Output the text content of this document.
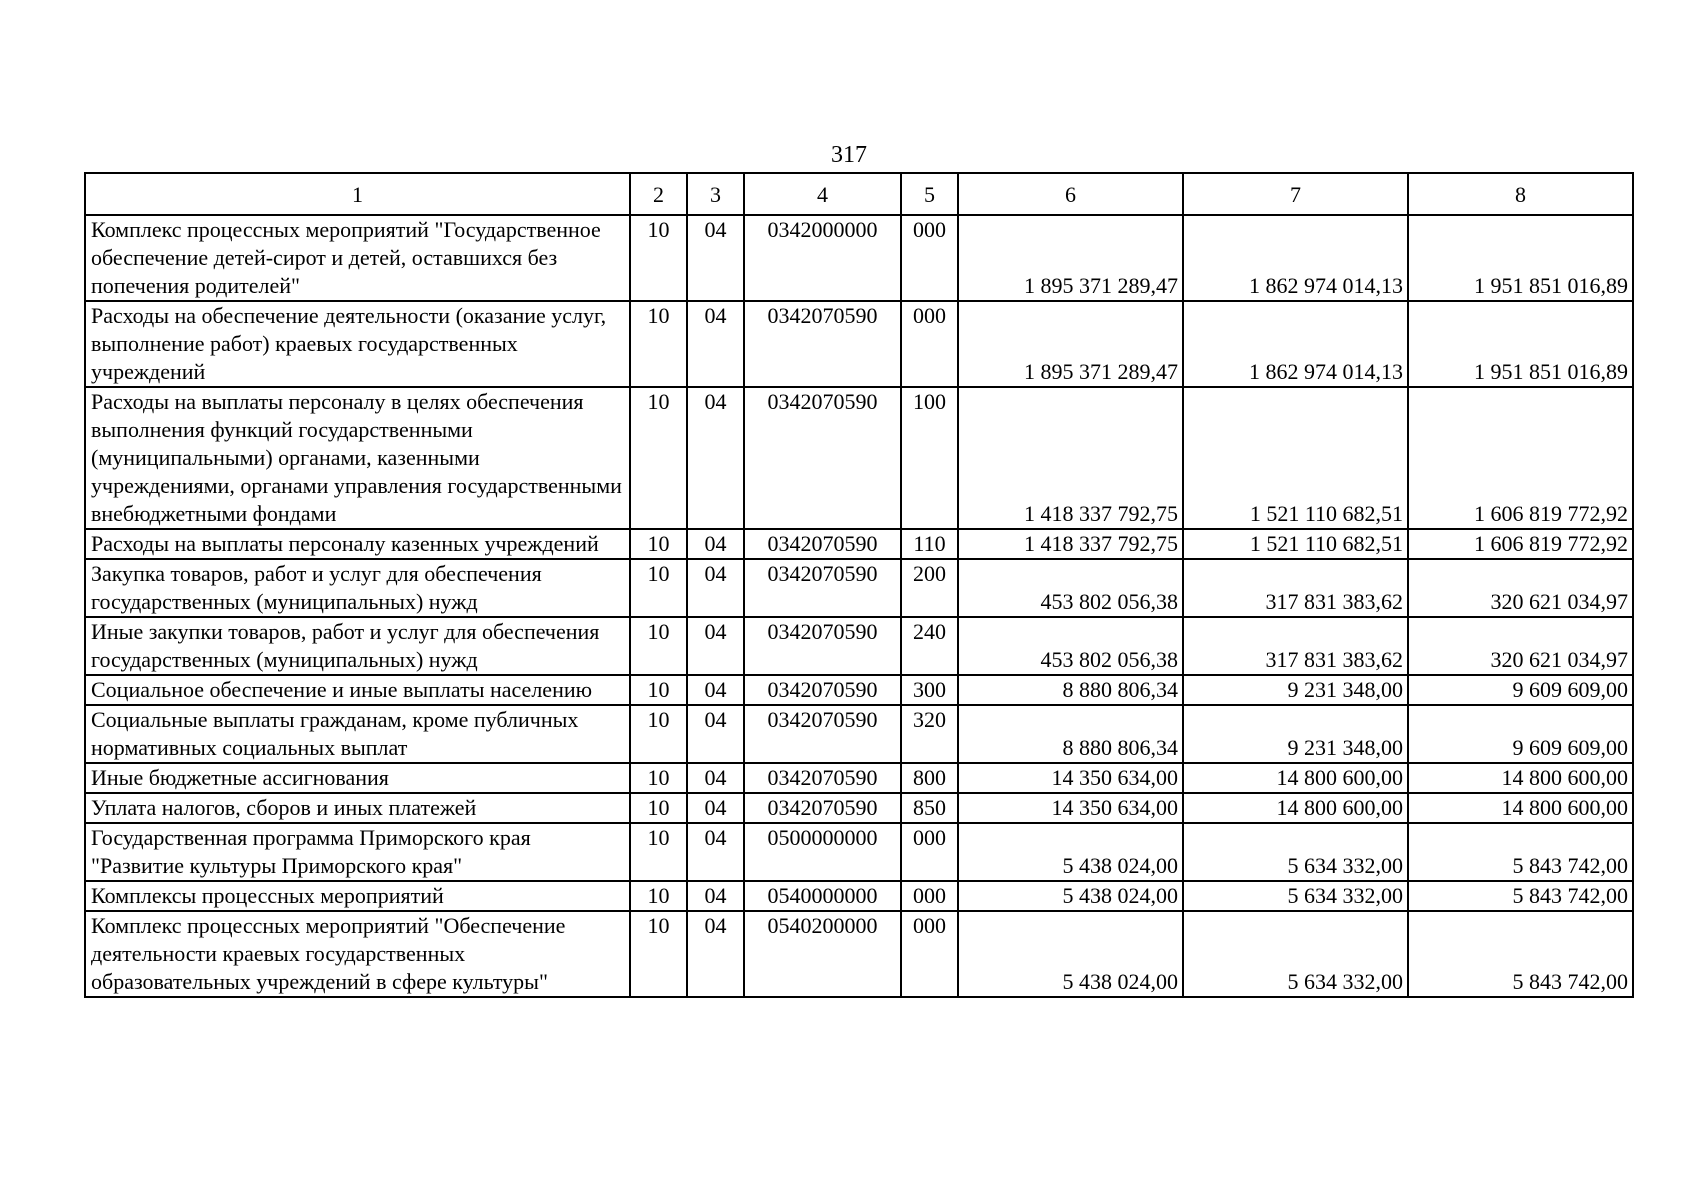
317
1	2	3	4	5	6	7	8
Комплекс процессных мероприятий "Государственное обеспечение детей-сирот и детей, оставшихся без попечения родителей"	10	04	0342000000	000	1 895 371 289,47	1 862 974 014,13	1 951 851 016,89
Расходы на обеспечение деятельности (оказание услуг, выполнение работ) краевых государственных учреждений	10	04	0342070590	000	1 895 371 289,47	1 862 974 014,13	1 951 851 016,89
Расходы на выплаты персоналу в целях обеспечения выполнения функций государственными (муниципальными) органами, казенными учреждениями, органами управления государственными внебюджетными фондами	10	04	0342070590	100	1 418 337 792,75	1 521 110 682,51	1 606 819 772,92
Расходы на выплаты персоналу казенных учреждений	10	04	0342070590	110	1 418 337 792,75	1 521 110 682,51	1 606 819 772,92
Закупка товаров, работ и услуг для обеспечения государственных (муниципальных) нужд	10	04	0342070590	200	453 802 056,38	317 831 383,62	320 621 034,97
Иные закупки товаров, работ и услуг для обеспечения государственных (муниципальных) нужд	10	04	0342070590	240	453 802 056,38	317 831 383,62	320 621 034,97
Социальное обеспечение и иные выплаты населению	10	04	0342070590	300	8 880 806,34	9 231 348,00	9 609 609,00
Социальные выплаты гражданам, кроме публичных нормативных социальных выплат	10	04	0342070590	320	8 880 806,34	9 231 348,00	9 609 609,00
Иные бюджетные ассигнования	10	04	0342070590	800	14 350 634,00	14 800 600,00	14 800 600,00
Уплата налогов, сборов и иных платежей	10	04	0342070590	850	14 350 634,00	14 800 600,00	14 800 600,00
Государственная программа Приморского края "Развитие культуры Приморского края"	10	04	0500000000	000	5 438 024,00	5 634 332,00	5 843 742,00
Комплексы процессных мероприятий	10	04	0540000000	000	5 438 024,00	5 634 332,00	5 843 742,00
Комплекс процессных мероприятий "Обеспечение деятельности краевых государственных образовательных учреждений в сфере культуры"	10	04	0540200000	000	5 438 024,00	5 634 332,00	5 843 742,00
